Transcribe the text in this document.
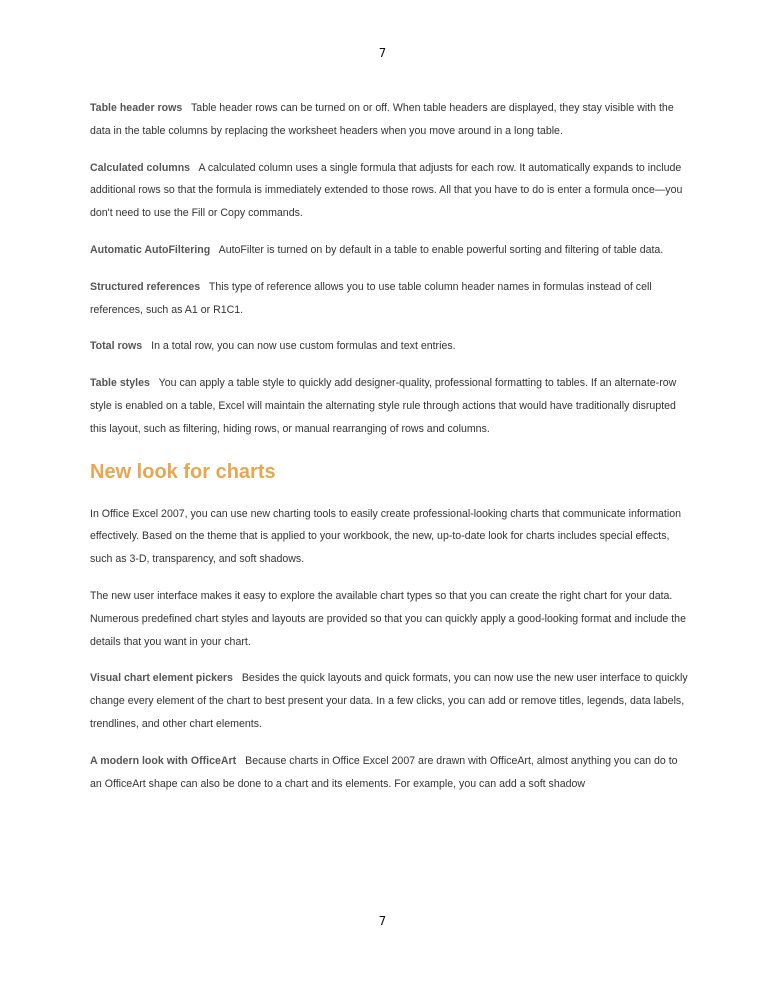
7

Table header rows Table header rows can be turned on or off. When table headers are displayed, they stay visible with the data in the table columns by replacing the worksheet headers when you move around in a long table.

Calculated columns A calculated column uses a single formula that adjusts for each row. It automatically expands to include additional rows so that the formula is immediately extended to those rows. All that you have to do is enter a formula once—you don't need to use the Fill or Copy commands.

Automatic AutoFiltering AutoFilter is turned on by default in a table to enable powerful sorting and filtering of table data.

Structured references This type of reference allows you to use table column header names in formulas instead of cell references, such as A1 or R1C1.

Total rows In a total row, you can now use custom formulas and text entries.

Table styles You can apply a table style to quickly add designer-quality, professional formatting to tables. If an alternate-row style is enabled on a table, Excel will maintain the alternating style rule through actions that would have traditionally disrupted this layout, such as filtering, hiding rows, or manual rearranging of rows and columns.

New look for charts

In Office Excel 2007, you can use new charting tools to easily create professional-looking charts that communicate information effectively. Based on the theme that is applied to your workbook, the new, up-to-date look for charts includes special effects, such as 3-D, transparency, and soft shadows.

The new user interface makes it easy to explore the available chart types so that you can create the right chart for your data. Numerous predefined chart styles and layouts are provided so that you can quickly apply a good-looking format and include the details that you want in your chart.

Visual chart element pickers Besides the quick layouts and quick formats, you can now use the new user interface to quickly change every element of the chart to best present your data. In a few clicks, you can add or remove titles, legends, data labels, trendlines, and other chart elements.

A modern look with OfficeArt Because charts in Office Excel 2007 are drawn with OfficeArt, almost anything you can do to an OfficeArt shape can also be done to a chart and its elements. For example, you can add a soft shadow

7
